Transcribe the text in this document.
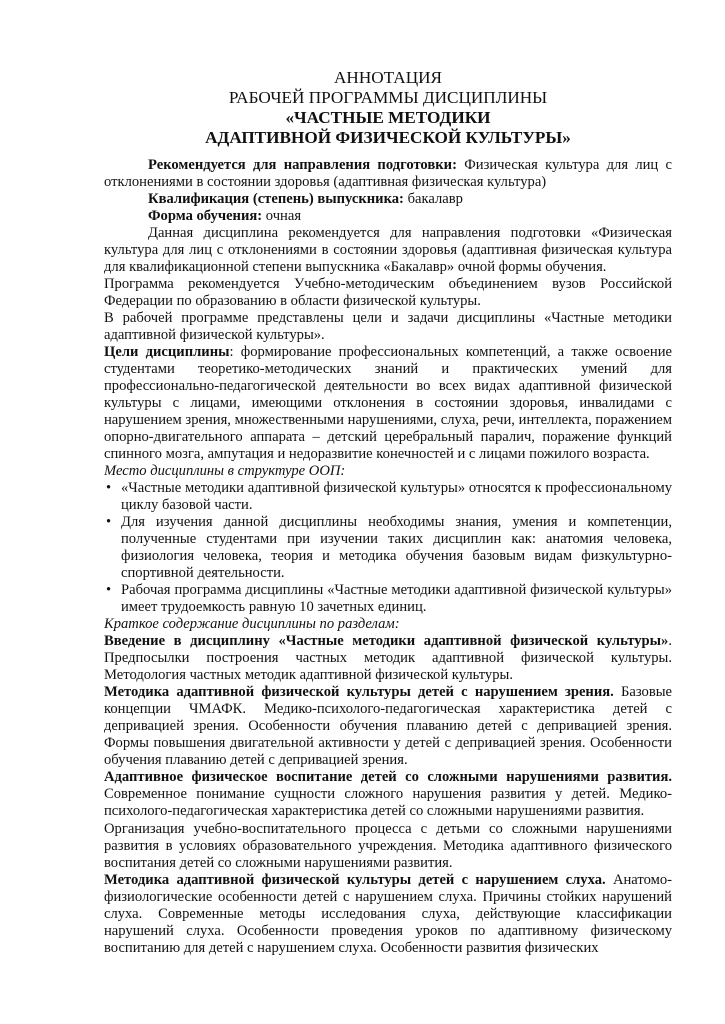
АННОТАЦИЯ
РАБОЧЕЙ ПРОГРАММЫ ДИСЦИПЛИНЫ
«ЧАСТНЫЕ МЕТОДИКИ
АДАПТИВНОЙ ФИЗИЧЕСКОЙ КУЛЬТУРЫ»

Рекомендуется для направления подготовки: Физическая культура для лиц с отклонениями в состоянии здоровья (адаптивная физическая культура)

Квалификация (степень) выпускника: бакалавр

Форма обучения: очная

Данная дисциплина рекомендуется для направления подготовки «Физическая культура для лиц с отклонениями в состоянии здоровья (адаптивная физическая культура для квалификационной степени выпускника «Бакалавр» очной формы обучения.

Программа рекомендуется Учебно-методическим объединением вузов Российской Федерации по образованию в области физической культуры.

В рабочей программе представлены цели и задачи дисциплины «Частные методики адаптивной физической культуры».

Цели дисциплины: формирование профессиональных компетенций, а также освоение студентами теоретико-методических знаний и практических умений для профессионально-педагогической деятельности во всех видах адаптивной физической культуры с лицами, имеющими отклонения в состоянии здоровья, инвалидами с нарушением зрения, множественными нарушениями, слуха, речи, интеллекта, поражением опорно-двигательного аппарата – детский церебральный паралич, поражение функций спинного мозга, ампутация и недоразвитие конечностей и с лицами пожилого возраста.

Место дисциплины в структуре ООП:

• «Частные методики адаптивной физической культуры» относятся к профессиональному циклу базовой части.
• Для изучения данной дисциплины необходимы знания, умения и компетенции, полученные студентами при изучении таких дисциплин как: анатомия человека, физиология человека, теория и методика обучения базовым видам физкультурно-спортивной деятельности.
• Рабочая программа дисциплины «Частные методики адаптивной физической культуры» имеет трудоемкость равную 10 зачетных единиц.

Краткое содержание дисциплины по разделам:

Введение в дисциплину «Частные методики адаптивной физической культуры». Предпосылки построения частных методик адаптивной физической культуры. Методология частных методик адаптивной физической культуры.

Методика адаптивной физической культуры детей с нарушением зрения. Базовые концепции ЧМАФК. Медико-психолого-педагогическая характеристика детей с депривацией зрения. Особенности обучения плаванию детей с депривацией зрения. Формы повышения двигательной активности у детей с депривацией зрения. Особенности обучения плаванию детей с депривацией зрения.

Адаптивное физическое воспитание детей со сложными нарушениями развития. Современное понимание сущности сложного нарушения развития у детей. Медико-психолого-педагогическая характеристика детей со сложными нарушениями развития.

Организация учебно-воспитательного процесса с детьми со сложными нарушениями развития в условиях образовательного учреждения. Методика адаптивного физического воспитания детей со сложными нарушениями развития.

Методика адаптивной физической культуры детей с нарушением слуха. Анатомо-физиологические особенности детей с нарушением слуха. Причины стойких нарушений слуха. Современные методы исследования слуха, действующие классификации нарушений слуха. Особенности проведения уроков по адаптивному физическому воспитанию для детей с нарушением слуха. Особенности развития физических
